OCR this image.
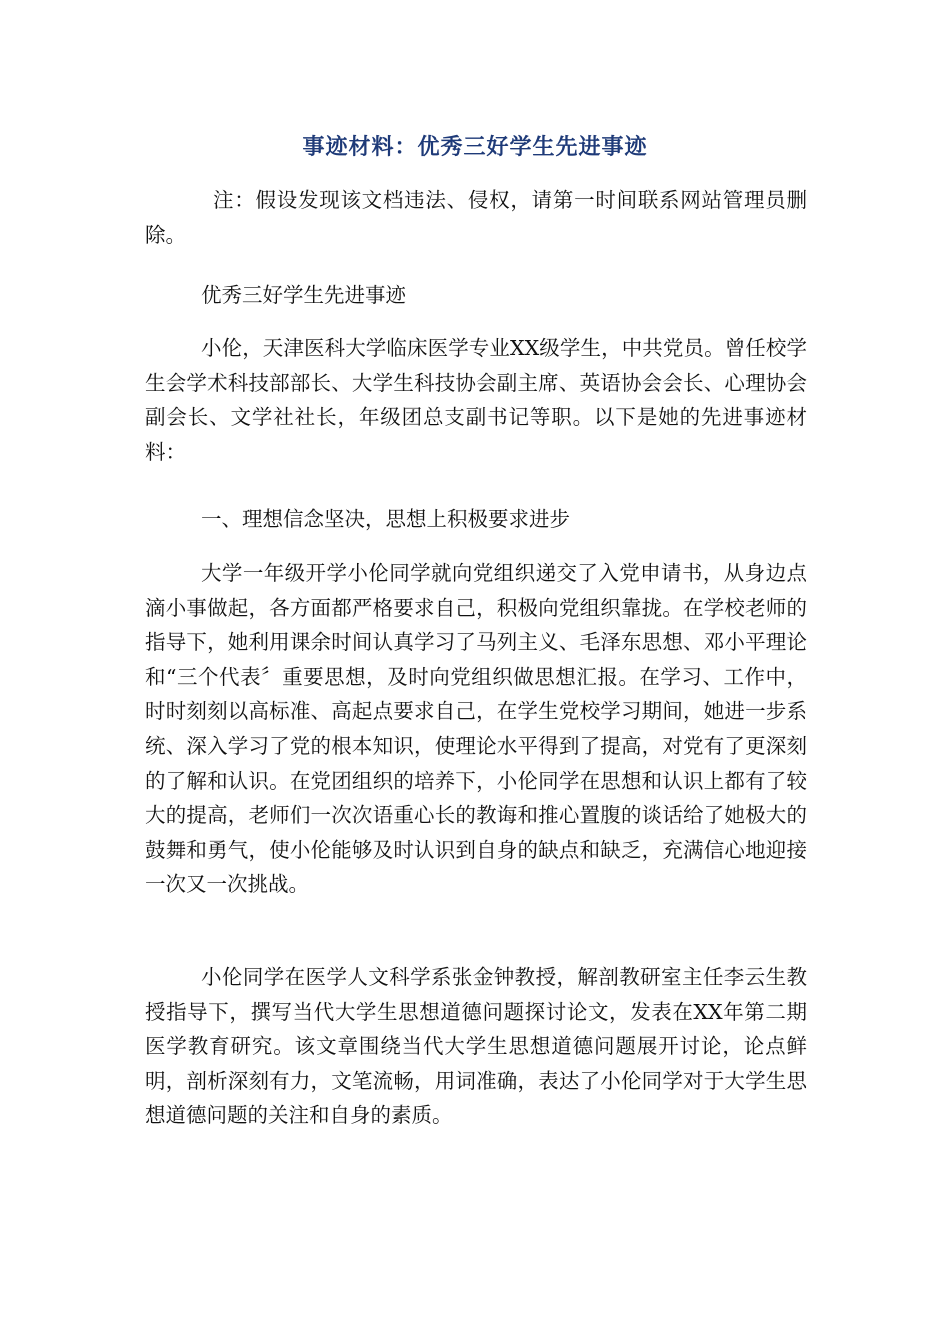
事迹材料：优秀三好学生先进事迹

注：假设发现该文档违法、侵权，请第一时间联系网站管理员删除。

优秀三好学生先进事迹

小伦，天津医科大学临床医学专业XX级学生，中共党员。曾任校学生会学术科技部部长、大学生科技协会副主席、英语协会会长、心理协会副会长、文学社社长，年级团总支副书记等职。以下是她的先进事迹材料：

一、理想信念坚决，思想上积极要求进步

大学一年级开学小伦同学就向党组织递交了入党申请书，从身边点滴小事做起，各方面都严格要求自己，积极向党组织靠拢。在学校老师的指导下，她利用课余时间认真学习了马列主义、毛泽东思想、邓小平理论和“三个代表〞重要思想，及时向党组织做思想汇报。在学习、工作中，时时刻刻以高标准、高起点要求自己，在学生党校学习期间，她进一步系统、深入学习了党的根本知识，使理论水平得到了提高，对党有了更深刻的了解和认识。在党团组织的培养下，小伦同学在思想和认识上都有了较大的提高，老师们一次次语重心长的教诲和推心置腹的谈话给了她极大的鼓舞和勇气，使小伦能够及时认识到自身的缺点和缺乏，充满信心地迎接一次又一次挑战。

小伦同学在医学人文科学系张金钟教授，解剖教研室主任李云生教授指导下，撰写当代大学生思想道德问题探讨论文，发表在XX年第二期医学教育研究。该文章围绕当代大学生思想道德问题展开讨论，论点鲜明，剖析深刻有力，文笔流畅，用词准确，表达了小伦同学对于大学生思想道德问题的关注和自身的素质。
